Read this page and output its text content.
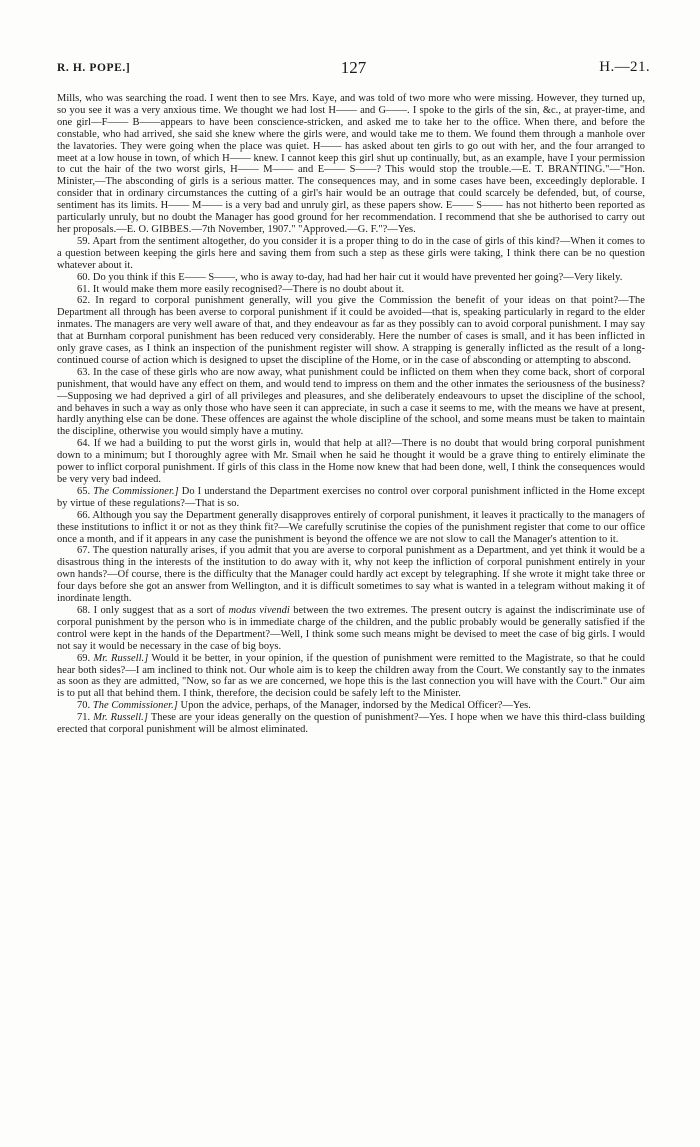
R. H. POPE.]	127	H.—21.

Mills, who was searching the road. I went then to see Mrs. Kaye, and was told of two more who were missing. However, they turned up, so you see it was a very anxious time. We thought we had lost H—— and G——. I spoke to the girls of the sin, &c., at prayer-time, and one girl—F—— B——appears to have been conscience-stricken, and asked me to take her to the office. When there, and before the constable, who had arrived, she said she knew where the girls were, and would take me to them. We found them through a manhole over the lavatories. They were going when the place was quiet. H—— has asked about ten girls to go out with her, and the four arranged to meet at a low house in town, of which H—— knew. I cannot keep this girl shut up continually, but, as an example, have I your permission to cut the hair of the two worst girls, H—— M—— and E—— S——? This would stop the trouble.—E. T. BRANTING."—"Hon. Minister,—The absconding of girls is a serious matter. The consequences may, and in some cases have been, exceedingly deplorable. I consider that in ordinary circumstances the cutting of a girl's hair would be an outrage that could scarcely be defended, but, of course, sentiment has its limits. H—— M—— is a very bad and unruly girl, as these papers show. E—— S—— has not hitherto been reported as particularly unruly, but no doubt the Manager has good ground for her recommendation. I recommend that she be authorised to carry out her proposals.—E. O. GIBBES.—7th November, 1907." "Approved.—G. F."?—Yes.

59. Apart from the sentiment altogether, do you consider it is a proper thing to do in the case of girls of this kind?—When it comes to a question between keeping the girls here and saving them from such a step as these girls were taking, I think there can be no question whatever about it.

60. Do you think if this E—— S——, who is away to-day, had had her hair cut it would have prevented her going?—Very likely.

61. It would make them more easily recognised?—There is no doubt about it.

62. In regard to corporal punishment generally, will you give the Commission the benefit of your ideas on that point?—The Department all through has been averse to corporal punishment if it could be avoided—that is, speaking particularly in regard to the elder inmates. The managers are very well aware of that, and they endeavour as far as they possibly can to avoid corporal punishment. I may say that at Burnham corporal punishment has been reduced very considerably. Here the number of cases is small, and it has been inflicted in only grave cases, as I think an inspection of the punishment register will show. A strapping is generally inflicted as the result of a long-continued course of action which is designed to upset the discipline of the Home, or in the case of absconding or attempting to abscond.

63. In the case of these girls who are now away, what punishment could be inflicted on them when they come back, short of corporal punishment, that would have any effect on them, and would tend to impress on them and the other inmates the seriousness of the business?—Supposing we had deprived a girl of all privileges and pleasures, and she deliberately endeavours to upset the discipline of the school, and behaves in such a way as only those who have seen it can appreciate, in such a case it seems to me, with the means we have at present, hardly anything else can be done. These offences are against the whole discipline of the school, and some means must be taken to maintain the discipline, otherwise you would simply have a mutiny.

64. If we had a building to put the worst girls in, would that help at all?—There is no doubt that would bring corporal punishment down to a minimum; but I thoroughly agree with Mr. Smail when he said he thought it would be a grave thing to entirely eliminate the power to inflict corporal punishment. If girls of this class in the Home now knew that had been done, well, I think the consequences would be very very bad indeed.

65. The Commissioner.] Do I understand the Department exercises no control over corporal punishment inflicted in the Home except by virtue of these regulations?—That is so.

66. Although you say the Department generally disapproves entirely of corporal punishment, it leaves it practically to the managers of these institutions to inflict it or not as they think fit?—We carefully scrutinise the copies of the punishment register that come to our office once a month, and if it appears in any case the punishment is beyond the offence we are not slow to call the Manager's attention to it.

67. The question naturally arises, if you admit that you are averse to corporal punishment as a Department, and yet think it would be a disastrous thing in the interests of the institution to do away with it, why not keep the infliction of corporal punishment entirely in your own hands?—Of course, there is the difficulty that the Manager could hardly act except by telegraphing. If she wrote it might take three or four days before she got an answer from Wellington, and it is difficult sometimes to say what is wanted in a telegram without making it of inordinate length.

68. I only suggest that as a sort of modus vivendi between the two extremes. The present outcry is against the indiscriminate use of corporal punishment by the person who is in immediate charge of the children, and the public probably would be generally satisfied if the control were kept in the hands of the Department?—Well, I think some such means might be devised to meet the case of big girls. I would not say it would be necessary in the case of big boys.

69. Mr. Russell.] Would it be better, in your opinion, if the question of punishment were remitted to the Magistrate, so that he could hear both sides?—I am inclined to think not. Our whole aim is to keep the children away from the Court. We constantly say to the inmates as soon as they are admitted, "Now, so far as we are concerned, we hope this is the last connection you will have with the Court." Our aim is to put all that behind them. I think, therefore, the decision could be safely left to the Minister.

70. The Commissioner.] Upon the advice, perhaps, of the Manager, indorsed by the Medical Officer?—Yes.

71. Mr. Russell.] These are your ideas generally on the question of punishment?—Yes. I hope when we have this third-class building erected that corporal punishment will be almost eliminated.
